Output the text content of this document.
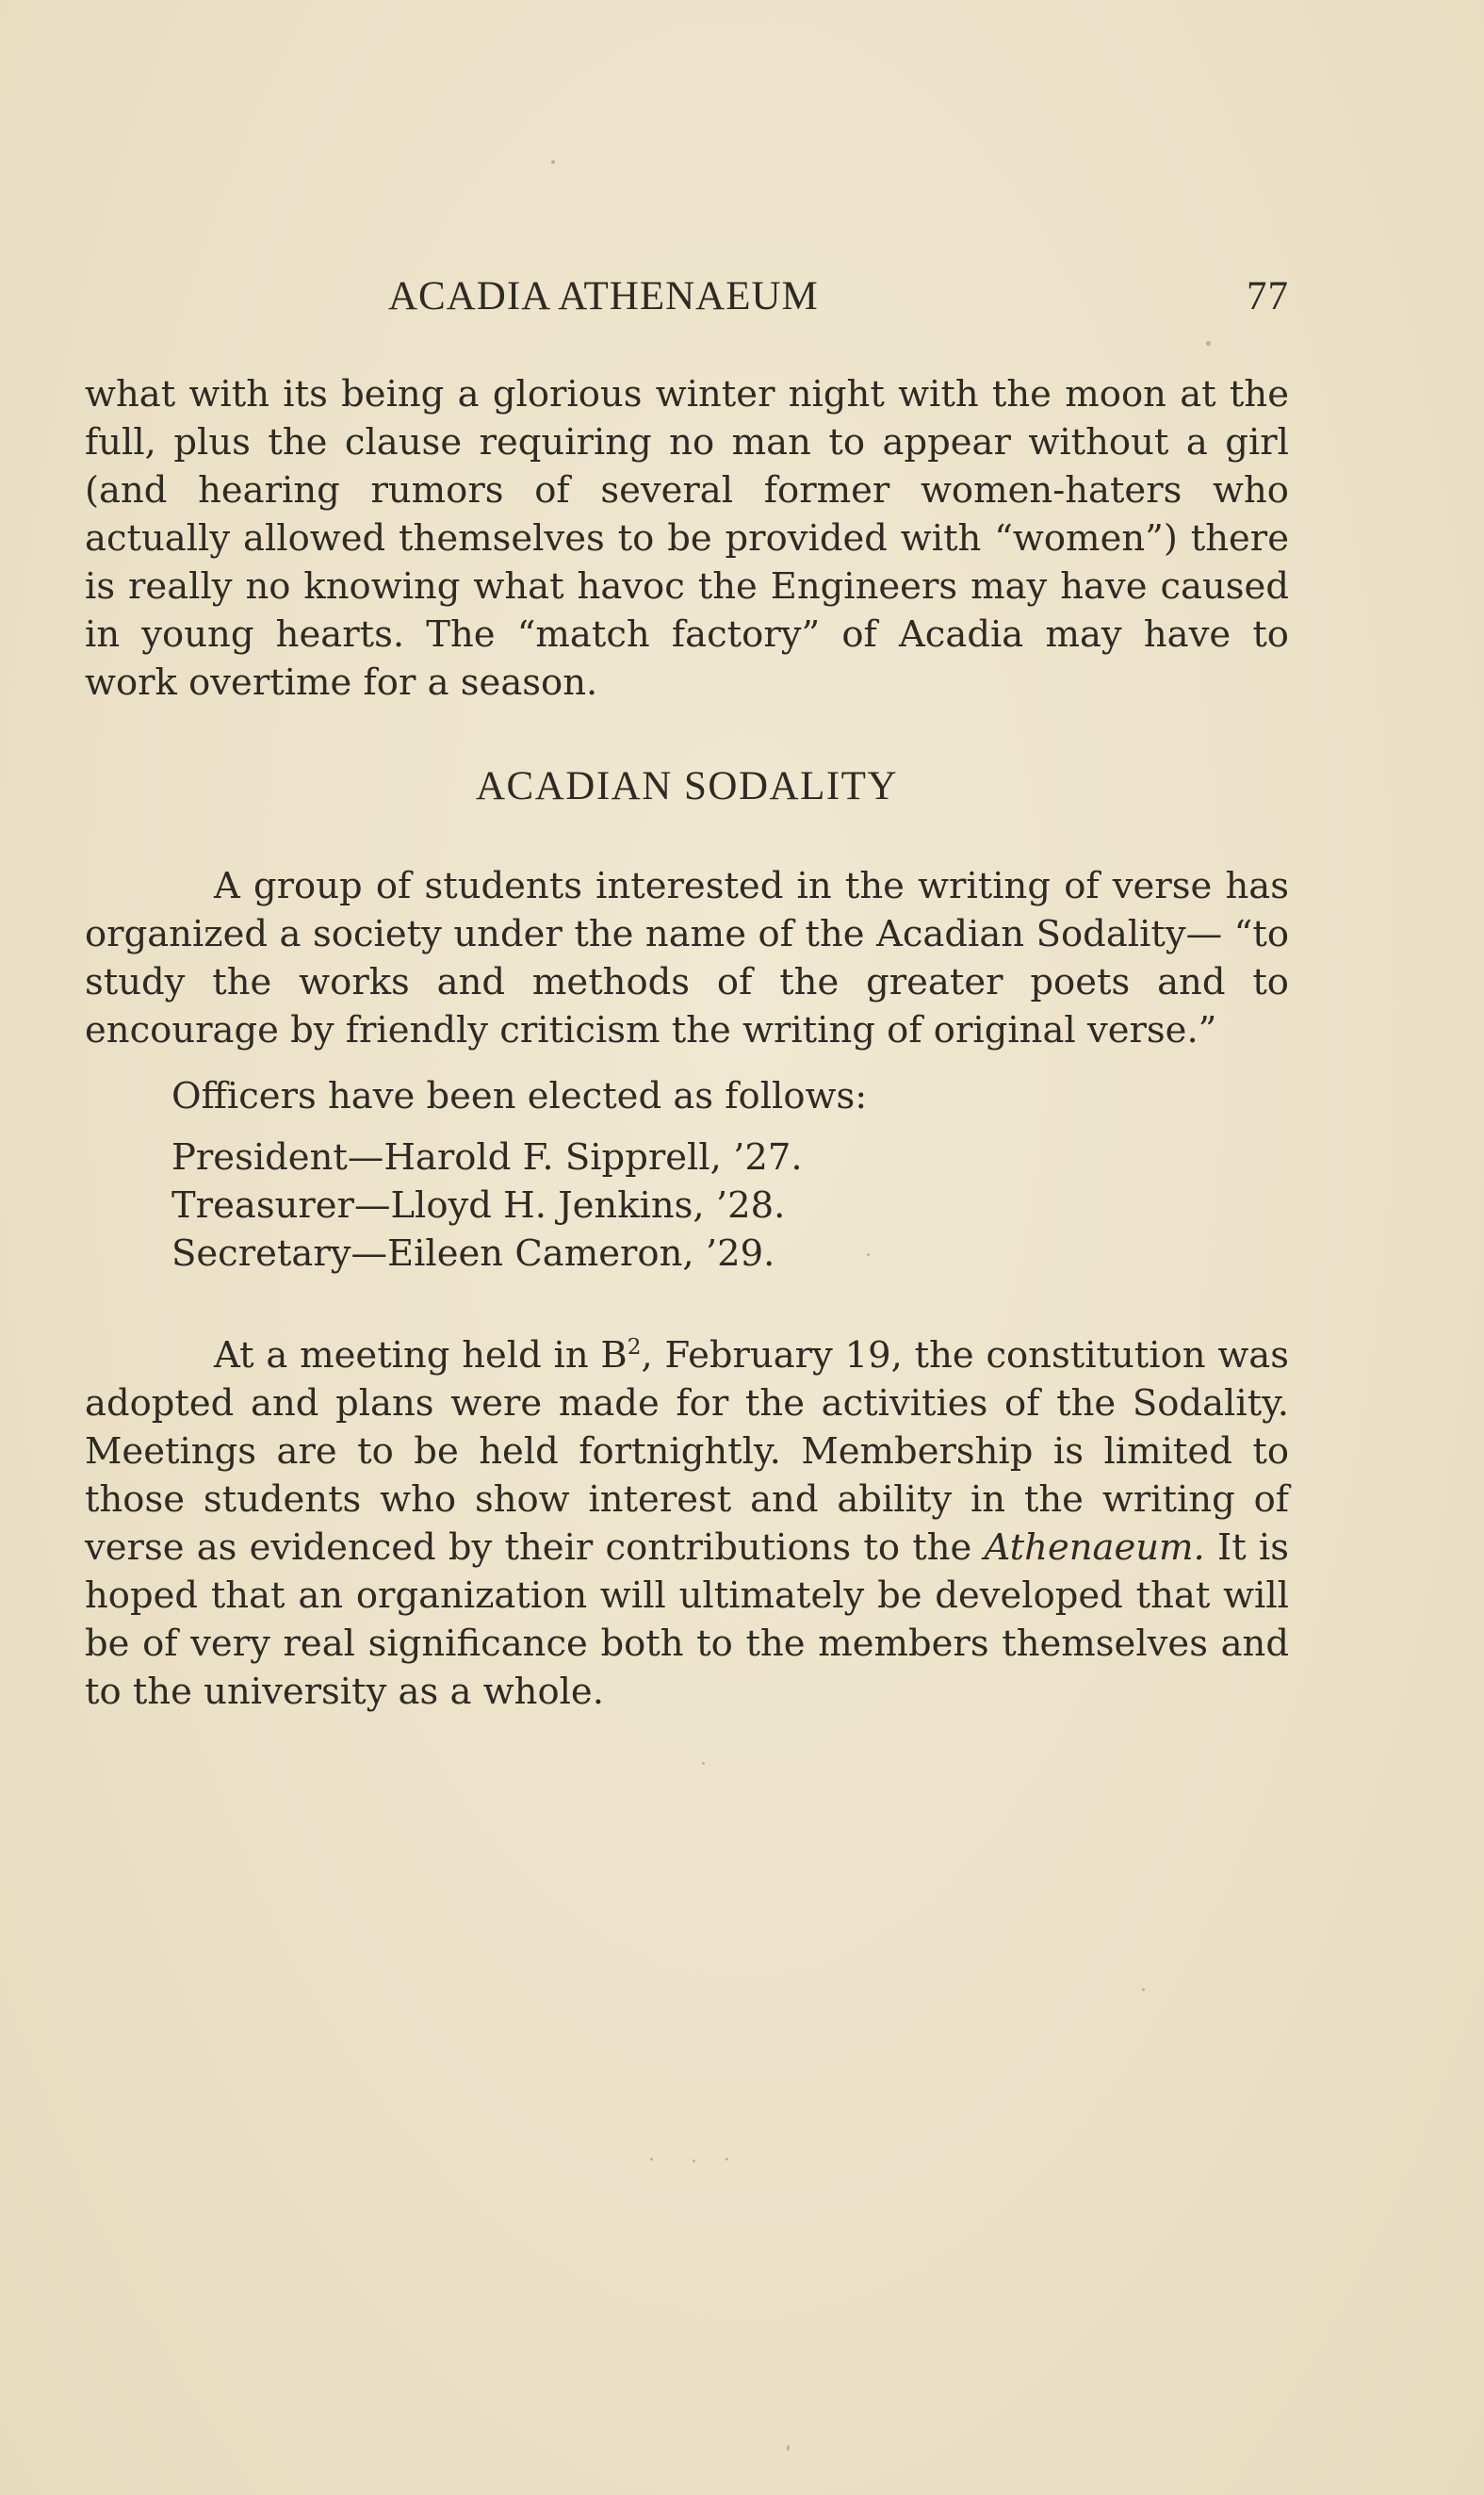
ACADIA ATHENAEUM	77

what with its being a glorious winter night with the moon at the full, plus the clause requiring no man to appear without a girl (and hearing rumors of several former women-haters who actually allowed themselves to be provided with “women”) there is really no knowing what havoc the Engineers may have caused in young hearts. The “match factory” of Acadia may have to work overtime for a season.

ACADIAN SODALITY

A group of students interested in the writing of verse has organized a society under the name of the Acadian Sodality— “to study the works and methods of the greater poets and to encourage by friendly criticism the writing of original verse.”

Officers have been elected as follows:

President—Harold F. Sipprell, ’27.
Treasurer—Lloyd H. Jenkins, ’28.
Secretary—Eileen Cameron, ’29.

At a meeting held in $B^2$, February 19, the constitution was adopted and plans were made for the activities of the Sodality. Meetings are to be held fortnightly. Membership is limited to those students who show interest and ability in the writing of verse as evidenced by their contributions to the Athenaeum. It is hoped that an organization will ultimately be developed that will be of very real significance both to the members themselves and to the university as a whole.
